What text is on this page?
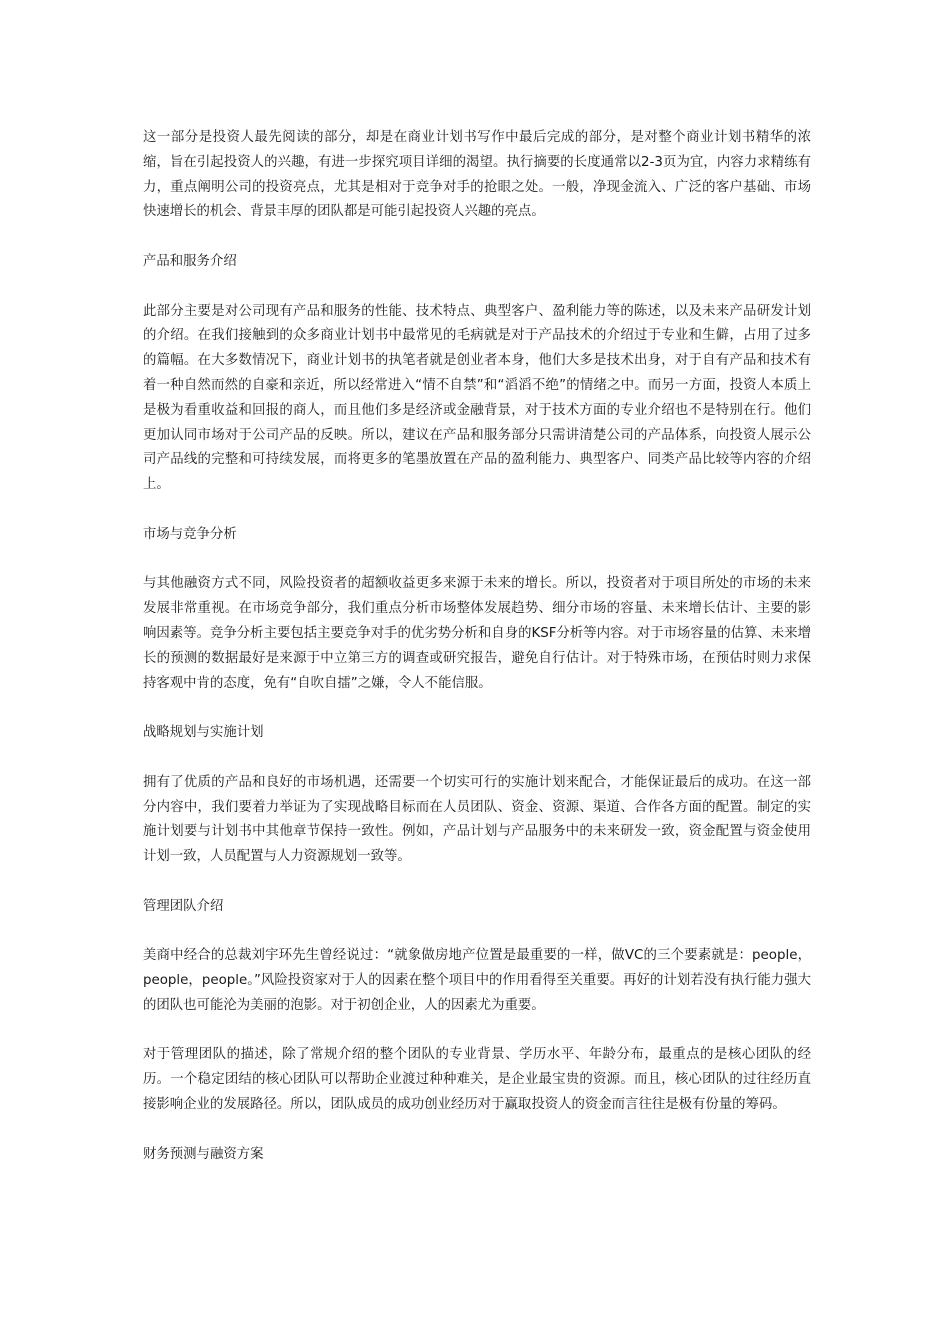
这一部分是投资人最先阅读的部分，却是在商业计划书写作中最后完成的部分，是对整个商业计划书精华的浓缩，旨在引起投资人的兴趣，有进一步探究项目详细的渴望。执行摘要的长度通常以2-3页为宜，内容力求精练有力，重点阐明公司的投资亮点，尤其是相对于竞争对手的抢眼之处。一般，净现金流入、广泛的客户基础、市场快速增长的机会、背景丰厚的团队都是可能引起投资人兴趣的亮点。

产品和服务介绍

此部分主要是对公司现有产品和服务的性能、技术特点、典型客户、盈利能力等的陈述，以及未来产品研发计划的介绍。在我们接触到的众多商业计划书中最常见的毛病就是对于产品技术的介绍过于专业和生僻，占用了过多的篇幅。在大多数情况下，商业计划书的执笔者就是创业者本身，他们大多是技术出身，对于自有产品和技术有着一种自然而然的自豪和亲近，所以经常进入“情不自禁”和“滔滔不绝”的情绪之中。而另一方面，投资人本质上是极为看重收益和回报的商人，而且他们多是经济或金融背景，对于技术方面的专业介绍也不是特别在行。他们更加认同市场对于公司产品的反映。所以，建议在产品和服务部分只需讲清楚公司的产品体系，向投资人展示公司产品线的完整和可持续发展，而将更多的笔墨放置在产品的盈利能力、典型客户、同类产品比较等内容的介绍上。

市场与竞争分析

与其他融资方式不同，风险投资者的超额收益更多来源于未来的增长。所以，投资者对于项目所处的市场的未来发展非常重视。在市场竞争部分，我们重点分析市场整体发展趋势、细分市场的容量、未来增长估计、主要的影响因素等。竞争分析主要包括主要竞争对手的优劣势分析和自身的KSF分析等内容。对于市场容量的估算、未来增长的预测的数据最好是来源于中立第三方的调查或研究报告，避免自行估计。对于特殊市场，在预估时则力求保持客观中肯的态度，免有“自吹自擂”之嫌，令人不能信服。

战略规划与实施计划

拥有了优质的产品和良好的市场机遇，还需要一个切实可行的实施计划来配合，才能保证最后的成功。在这一部分内容中，我们要着力举证为了实现战略目标而在人员团队、资金、资源、渠道、合作各方面的配置。制定的实施计划要与计划书中其他章节保持一致性。例如，产品计划与产品服务中的未来研发一致，资金配置与资金使用计划一致，人员配置与人力资源规划一致等。

管理团队介绍

美商中经合的总裁刘宇环先生曾经说过：“就象做房地产位置是最重要的一样，做VC的三个要素就是：people，people，people。”风险投资家对于人的因素在整个项目中的作用看得至关重要。再好的计划若没有执行能力强大的团队也可能沦为美丽的泡影。对于初创企业，人的因素尤为重要。

对于管理团队的描述，除了常规介绍的整个团队的专业背景、学历水平、年龄分布，最重点的是核心团队的经历。一个稳定团结的核心团队可以帮助企业渡过种种难关，是企业最宝贵的资源。而且，核心团队的过往经历直接影响企业的发展路径。所以，团队成员的成功创业经历对于赢取投资人的资金而言往往是极有份量的筹码。

财务预测与融资方案
